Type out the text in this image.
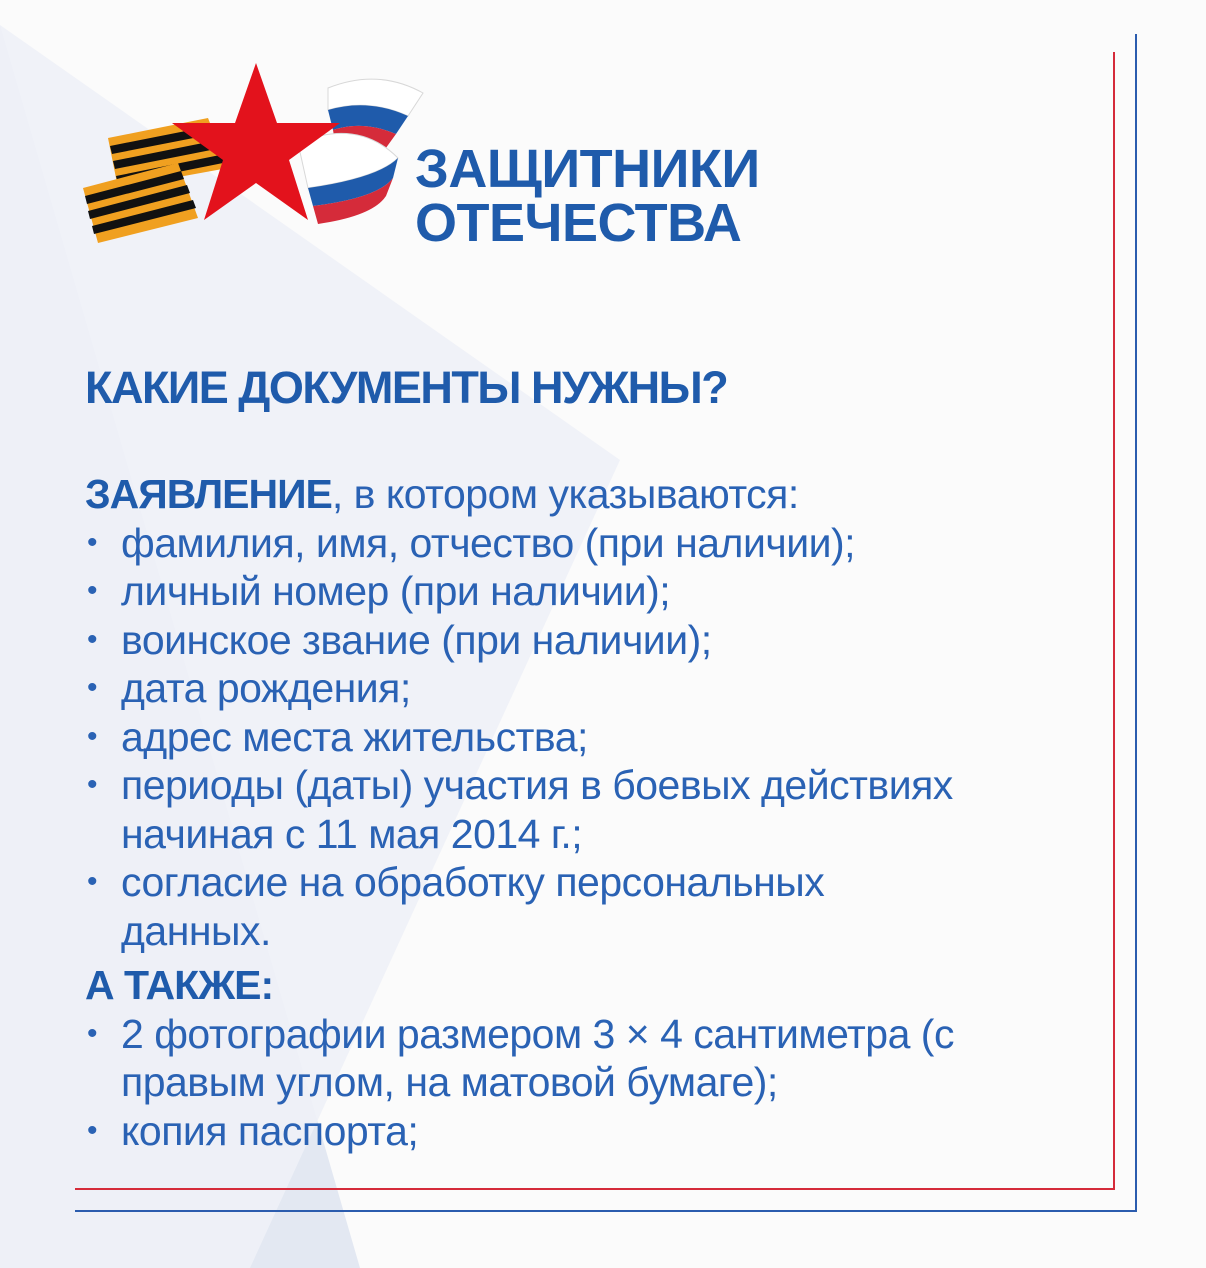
ЗАЩИТНИКИ
ОТЕЧЕСТВА
КАКИЕ ДОКУМЕНТЫ НУЖНЫ?
ЗАЯВЛЕНИЕ, в котором указываются:
• фамилия, имя, отчество (при наличии);
• личный номер (при наличии);
• воинское звание (при наличии);
• дата рождения;
• адрес места жительства;
• периоды (даты) участия в боевых действиях начиная с 11 мая 2014 г.;
• согласие на обработку персональных данных.
А ТАКЖЕ:
• 2 фотографии размером 3 × 4 сантиметра (с правым углом, на матовой бумаге);
• копия паспорта;
